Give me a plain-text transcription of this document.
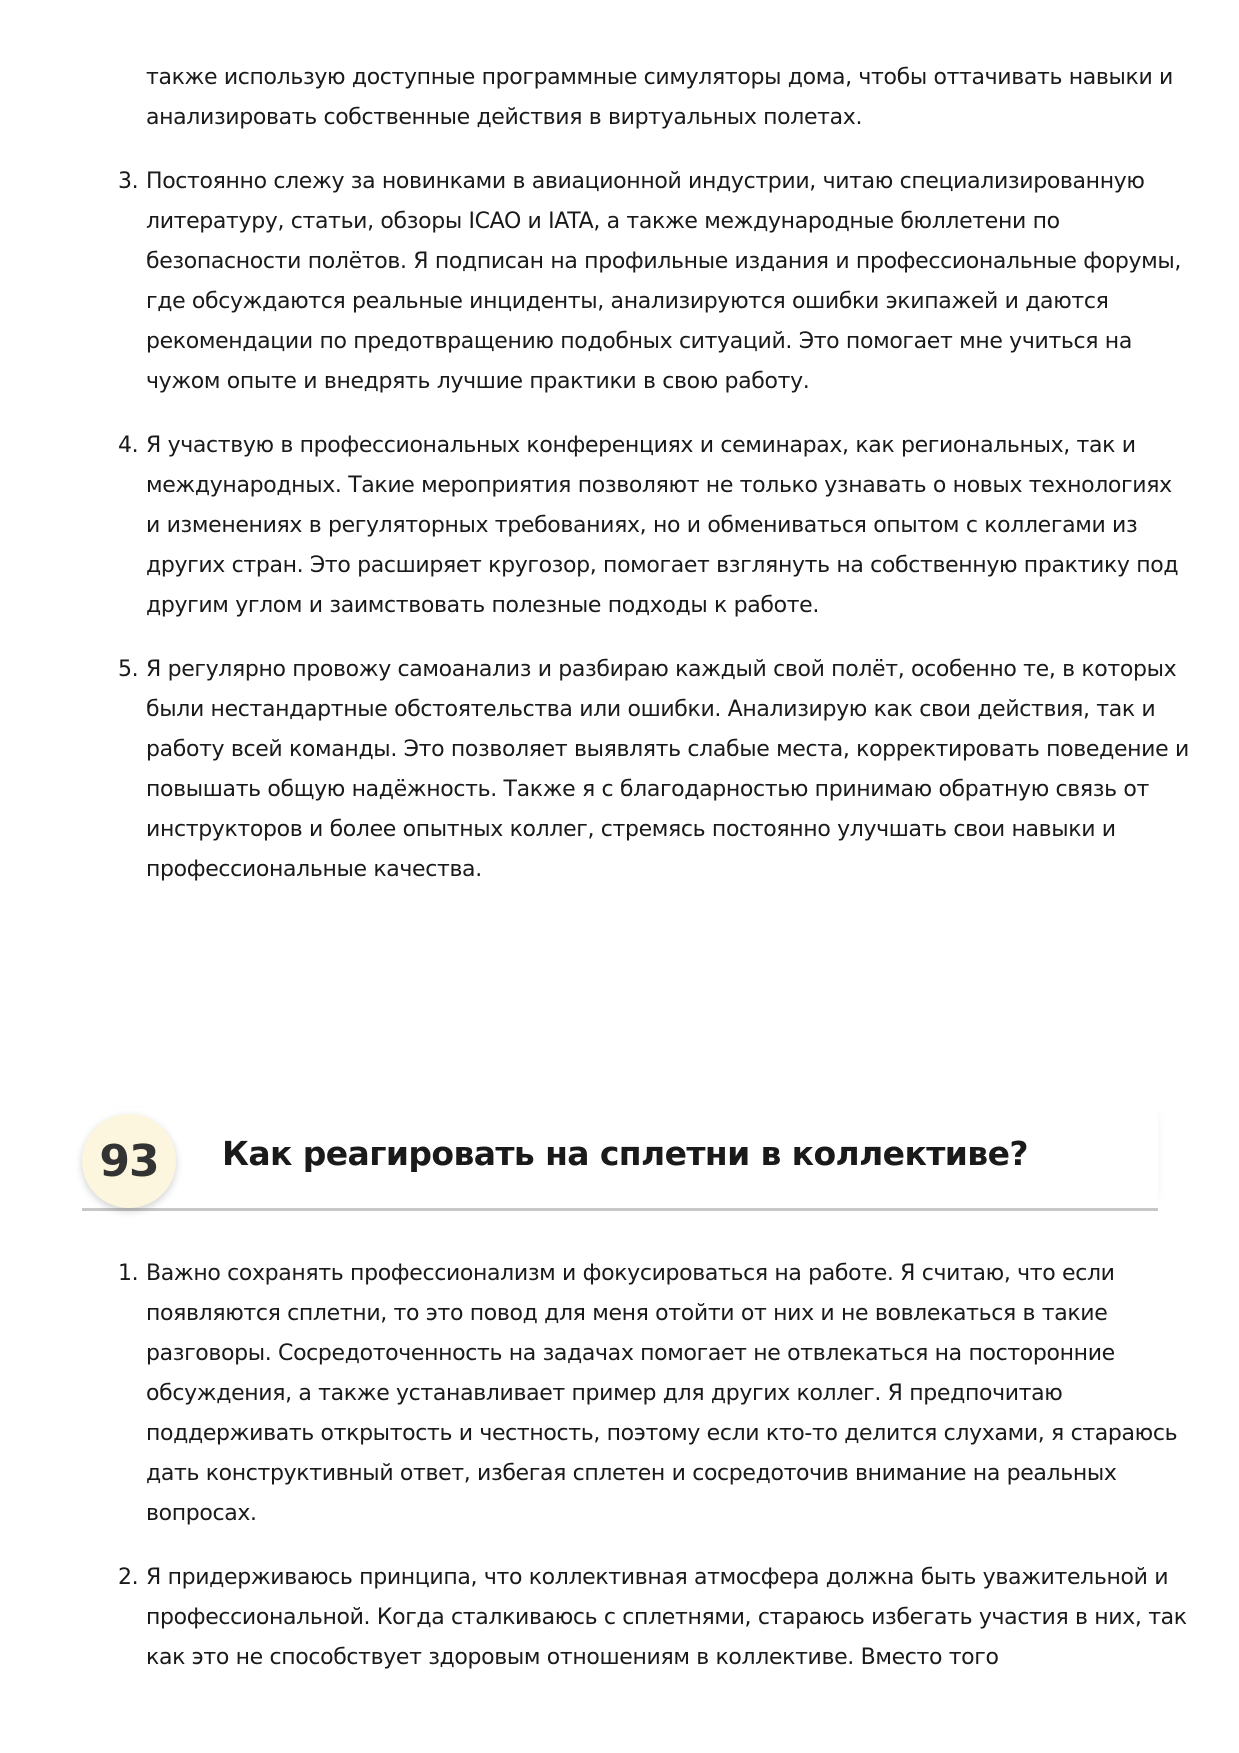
также использую доступные программные симуляторы дома, чтобы оттачивать навыки и анализировать собственные действия в виртуальных полетах.
3. Постоянно слежу за новинками в авиационной индустрии, читаю специализированную литературу, статьи, обзоры ICAO и IATA, а также международные бюллетени по безопасности полётов. Я подписан на профильные издания и профессиональные форумы, где обсуждаются реальные инциденты, анализируются ошибки экипажей и даются рекомендации по предотвращению подобных ситуаций. Это помогает мне учиться на чужом опыте и внедрять лучшие практики в свою работу.
4. Я участвую в профессиональных конференциях и семинарах, как региональных, так и международных. Такие мероприятия позволяют не только узнавать о новых технологиях и изменениях в регуляторных требованиях, но и обмениваться опытом с коллегами из других стран. Это расширяет кругозор, помогает взглянуть на собственную практику под другим углом и заимствовать полезные подходы к работе.
5. Я регулярно провожу самоанализ и разбираю каждый свой полёт, особенно те, в которых были нестандартные обстоятельства или ошибки. Анализирую как свои действия, так и работу всей команды. Это позволяет выявлять слабые места, корректировать поведение и повышать общую надёжность. Также я с благодарностью принимаю обратную связь от инструкторов и более опытных коллег, стремясь постоянно улучшать свои навыки и профессиональные качества.
93	Как реагировать на сплетни в коллективе?
1. Важно сохранять профессионализм и фокусироваться на работе. Я считаю, что если появляются сплетни, то это повод для меня отойти от них и не вовлекаться в такие разговоры. Сосредоточенность на задачах помогает не отвлекаться на посторонние обсуждения, а также устанавливает пример для других коллег. Я предпочитаю поддерживать открытость и честность, поэтому если кто-то делится слухами, я стараюсь дать конструктивный ответ, избегая сплетен и сосредоточив внимание на реальных вопросах.
2. Я придерживаюсь принципа, что коллективная атмосфера должна быть уважительной и профессиональной. Когда сталкиваюсь с сплетнями, стараюсь избегать участия в них, так как это не способствует здоровым отношениям в коллективе. Вместо того
